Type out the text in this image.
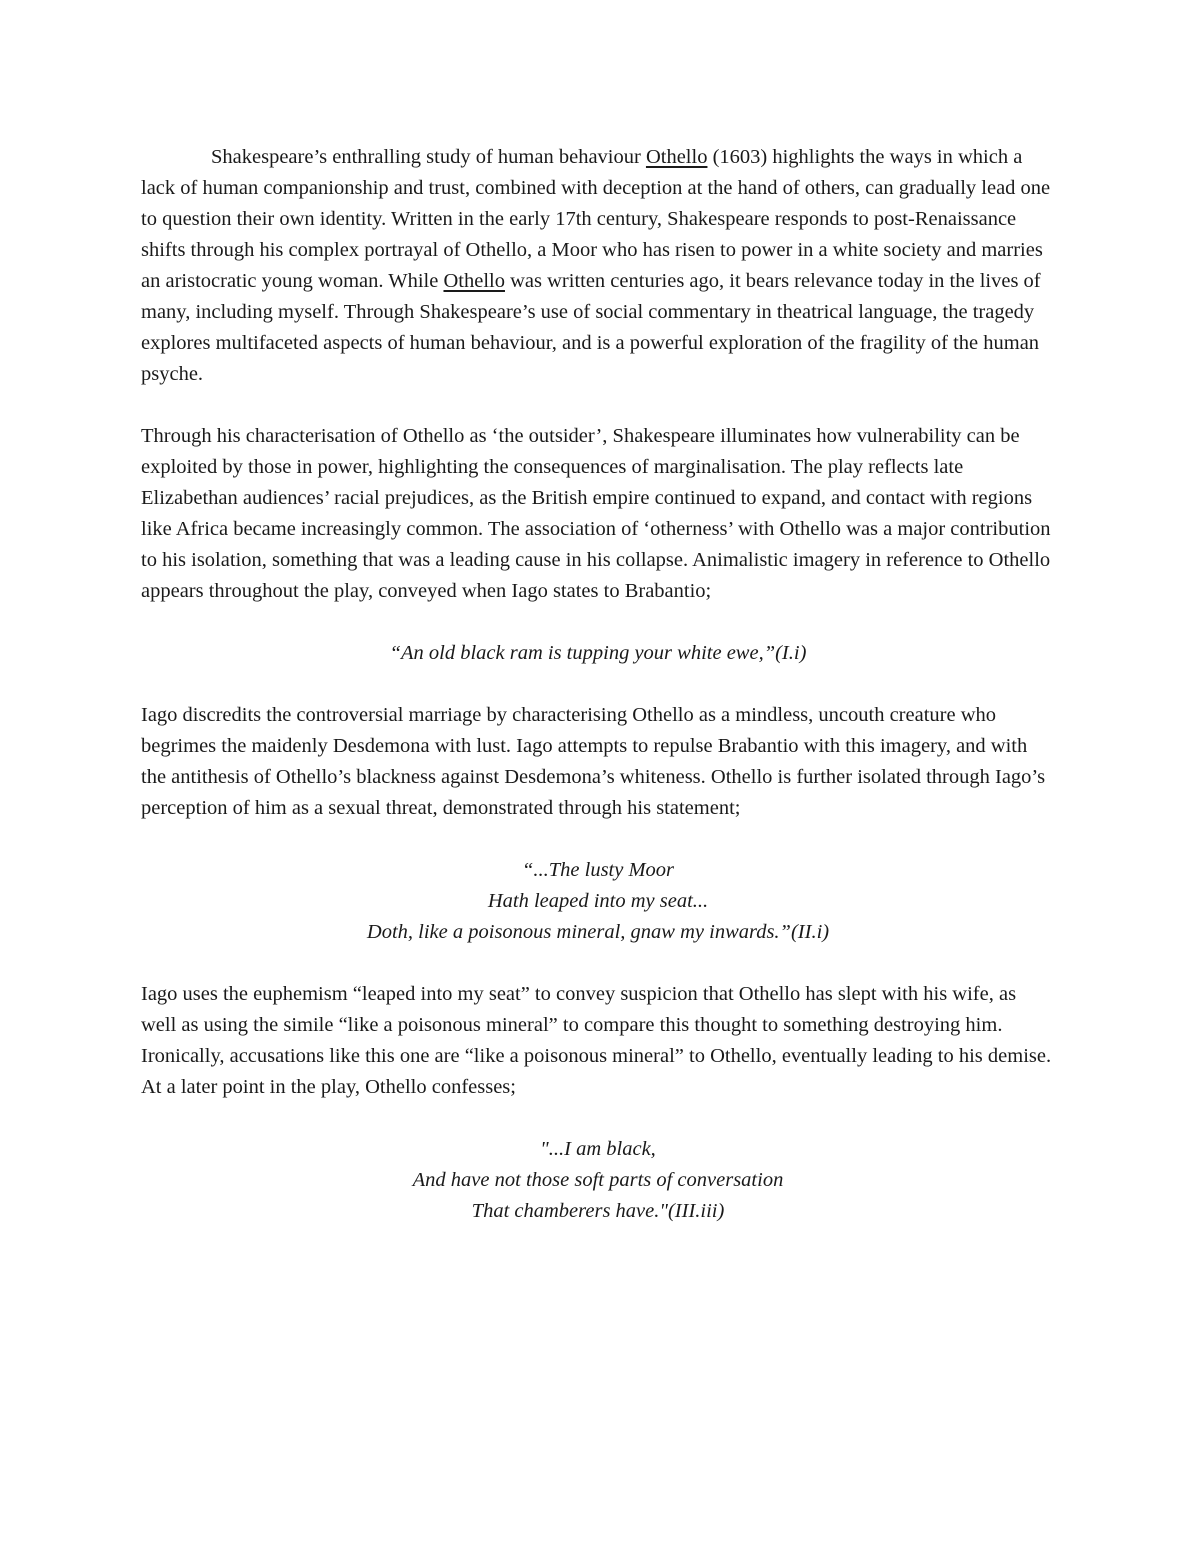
Shakespeare’s enthralling study of human behaviour Othello (1603) highlights the ways in which a lack of human companionship and trust, combined with deception at the hand of others, can gradually lead one to question their own identity. Written in the early 17th century, Shakespeare responds to post-Renaissance shifts through his complex portrayal of Othello, a Moor who has risen to power in a white society and marries an aristocratic young woman. While Othello was written centuries ago, it bears relevance today in the lives of many, including myself. Through Shakespeare’s use of social commentary in theatrical language, the tragedy explores multifaceted aspects of human behaviour, and is a powerful exploration of the fragility of the human psyche.

Through his characterisation of Othello as ‘the outsider’, Shakespeare illuminates how vulnerability can be exploited by those in power, highlighting the consequences of marginalisation. The play reflects late Elizabethan audiences’ racial prejudices, as the British empire continued to expand, and contact with regions like Africa became increasingly common. The association of ‘otherness’ with Othello was a major contribution to his isolation, something that was a leading cause in his collapse. Animalistic imagery in reference to Othello appears throughout the play, conveyed when Iago states to Brabantio;

“An old black ram is tupping your white ewe,”(I.i)

Iago discredits the controversial marriage by characterising Othello as a mindless, uncouth creature who begrimes the maidenly Desdemona with lust. Iago attempts to repulse Brabantio with this imagery, and with the antithesis of Othello’s blackness against Desdemona’s whiteness. Othello is further isolated through Iago’s perception of him as a sexual threat, demonstrated through his statement;

“...The lusty Moor
Hath leaped into my seat...
Doth, like a poisonous mineral, gnaw my inwards.”(II.i)

Iago uses the euphemism “leaped into my seat” to convey suspicion that Othello has slept with his wife, as well as using the simile “like a poisonous mineral” to compare this thought to something destroying him. Ironically, accusations like this one are “like a poisonous mineral” to Othello, eventually leading to his demise. At a later point in the play, Othello confesses;

"...I am black,
And have not those soft parts of conversation
That chamberers have."(III.iii)
